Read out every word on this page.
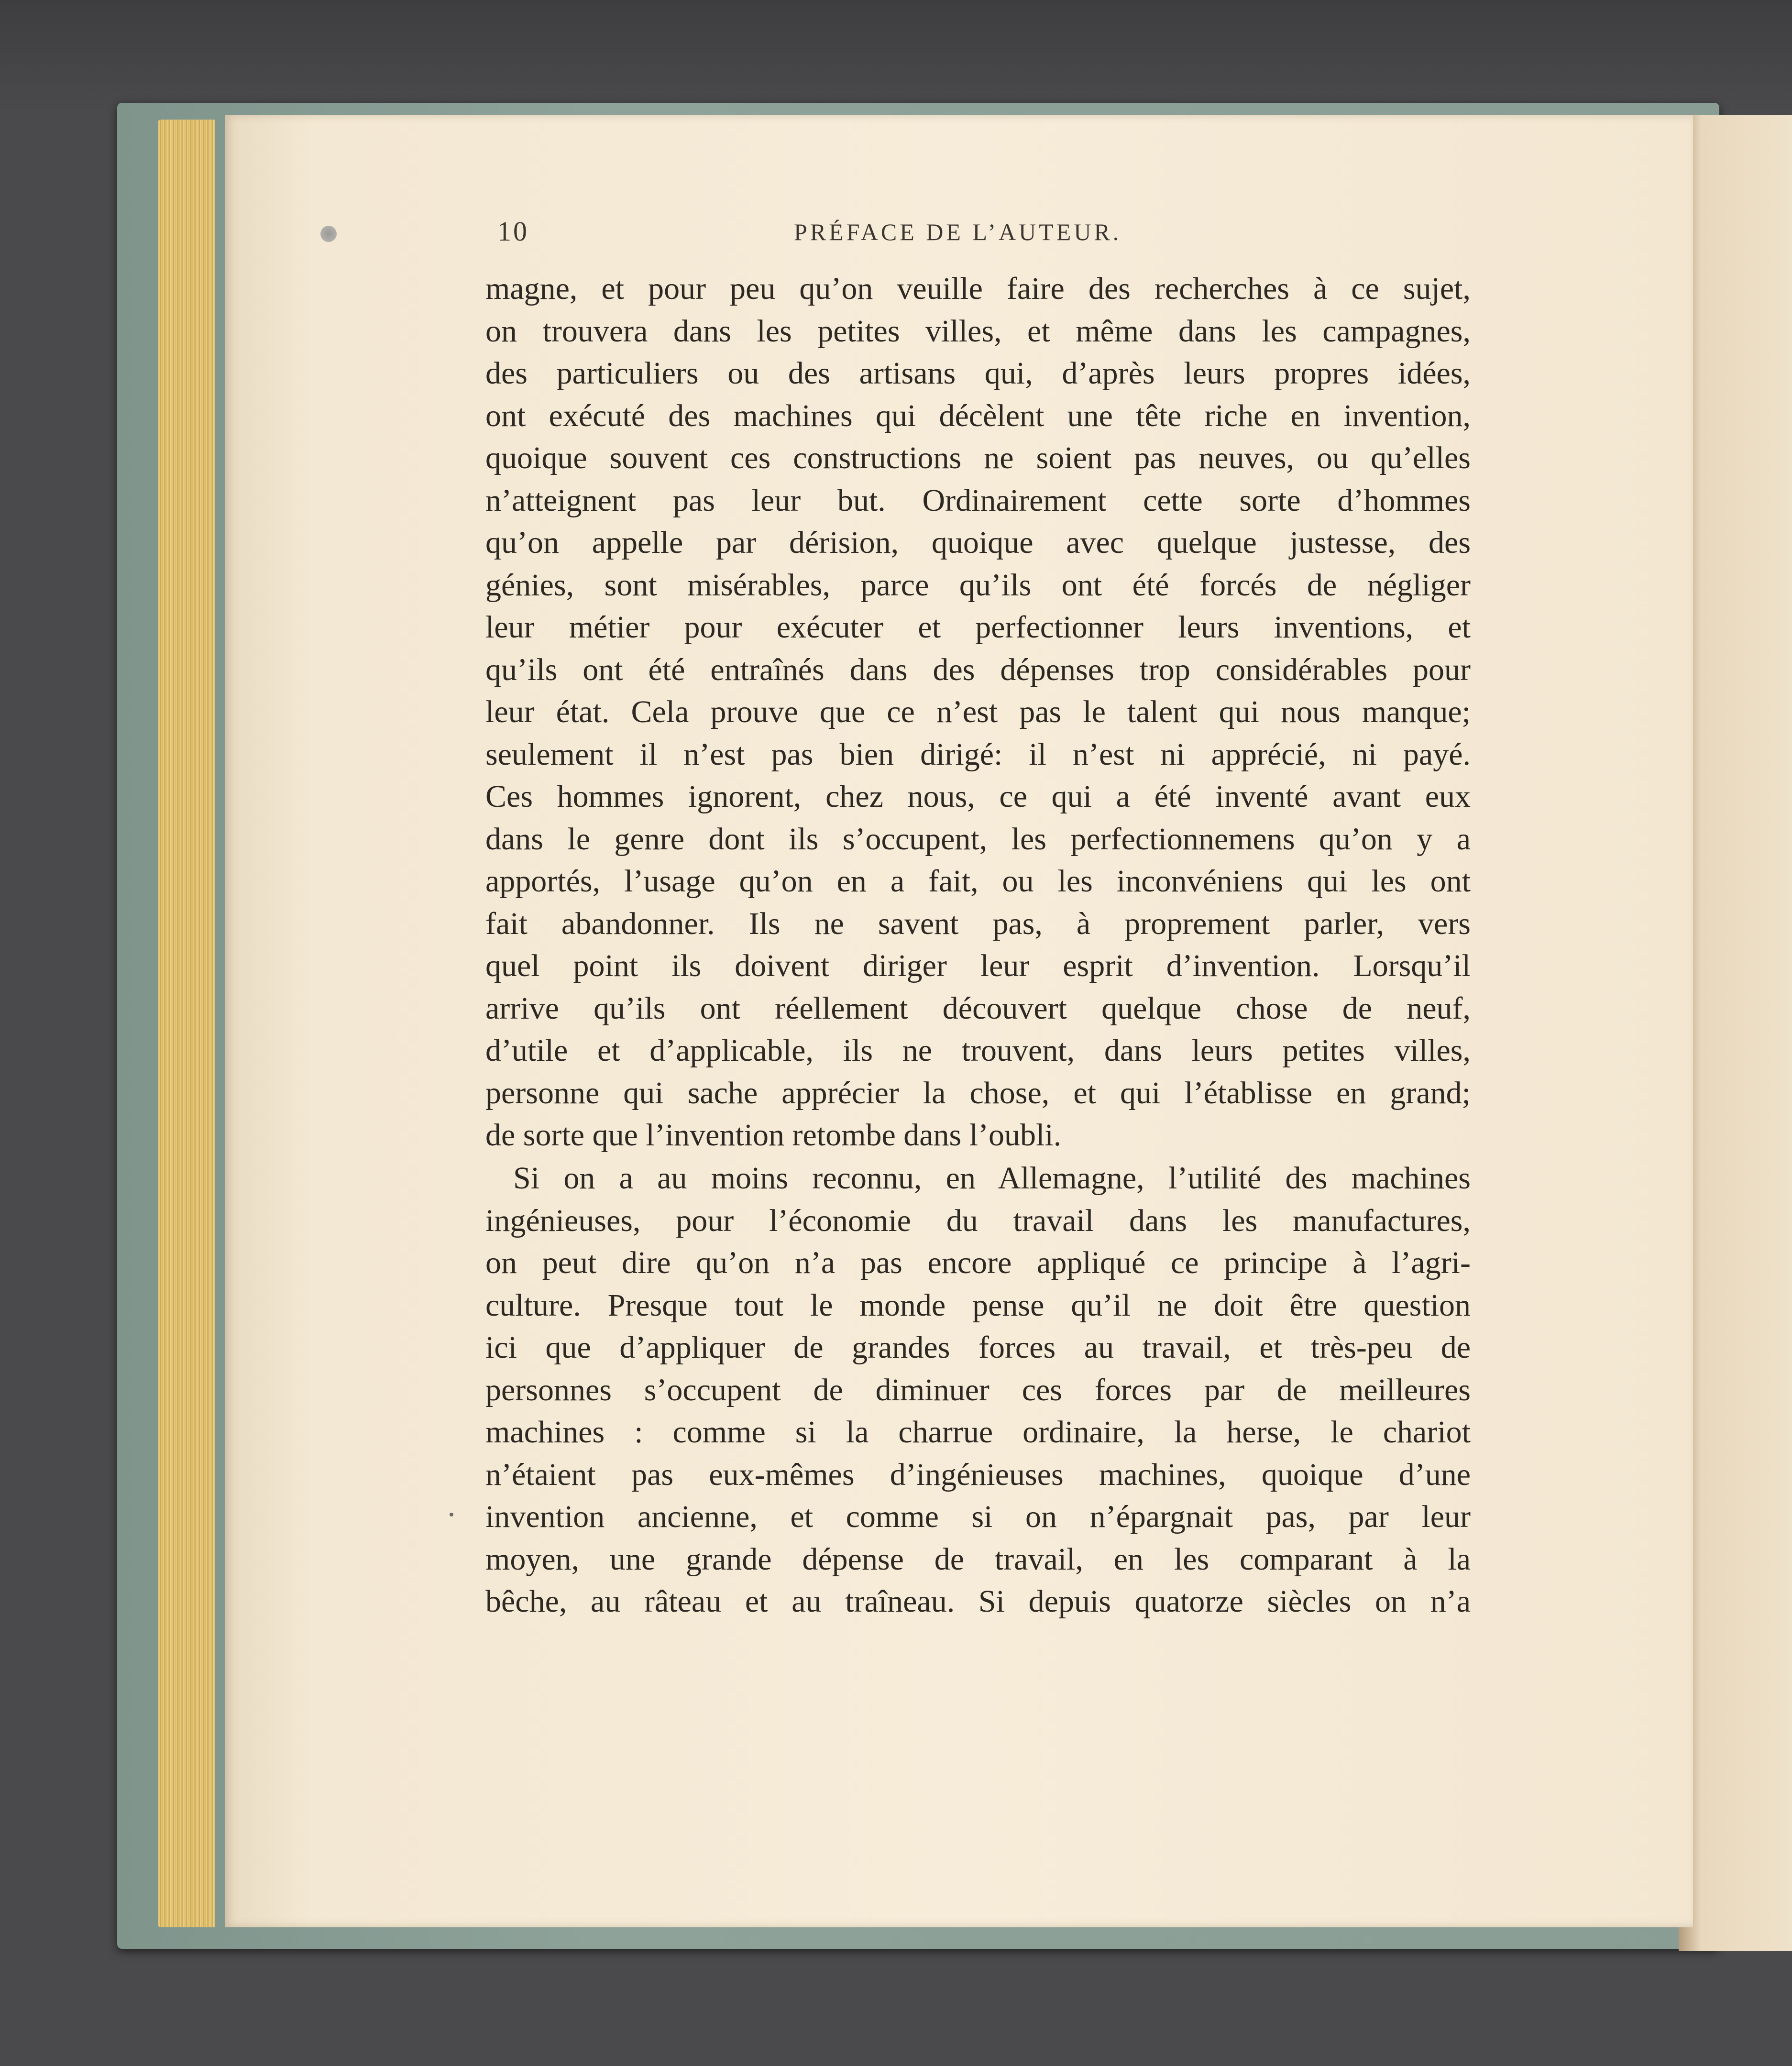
10	PRÉFACE DE L’AUTEUR.
magne, et pour peu qu’on veuille faire des recherches à ce sujet,
on trouvera dans les petites villes, et même dans les campagnes,
des particuliers ou des artisans qui, d’après leurs propres idées,
ont exécuté des machines qui décèlent une tête riche en invention,
quoique souvent ces constructions ne soient pas neuves, ou qu’elles
n’atteignent pas leur but. Ordinairement cette sorte d’hommes
qu’on appelle par dérision, quoique avec quelque justesse, des
génies, sont misérables, parce qu’ils ont été forcés de négliger
leur métier pour exécuter et perfectionner leurs inventions, et
qu’ils ont été entraînés dans des dépenses trop considérables pour
leur état. Cela prouve que ce n’est pas le talent qui nous manque;
seulement il n’est pas bien dirigé: il n’est ni apprécié, ni payé.
Ces hommes ignorent, chez nous, ce qui a été inventé avant eux
dans le genre dont ils s’occupent, les perfectionnemens qu’on y a
apportés, l’usage qu’on en a fait, ou les inconvéniens qui les ont
fait abandonner. Ils ne savent pas, à proprement parler, vers
quel point ils doivent diriger leur esprit d’invention. Lorsqu’il
arrive qu’ils ont réellement découvert quelque chose de neuf,
d’utile et d’applicable, ils ne trouvent, dans leurs petites villes,
personne qui sache apprécier la chose, et qui l’établisse en grand;
de sorte que l’invention retombe dans l’oubli.
Si on a au moins reconnu, en Allemagne, l’utilité des machines
ingénieuses, pour l’économie du travail dans les manufactures,
on peut dire qu’on n’a pas encore appliqué ce principe à l’agri-
culture. Presque tout le monde pense qu’il ne doit être question
ici que d’appliquer de grandes forces au travail, et très-peu de
personnes s’occupent de diminuer ces forces par de meilleures
machines : comme si la charrue ordinaire, la herse, le chariot
n’étaient pas eux-mêmes d’ingénieuses machines, quoique d’une
invention ancienne, et comme si on n’épargnait pas, par leur
moyen, une grande dépense de travail, en les comparant à la
bêche, au râteau et au traîneau. Si depuis quatorze siècles on n’a
